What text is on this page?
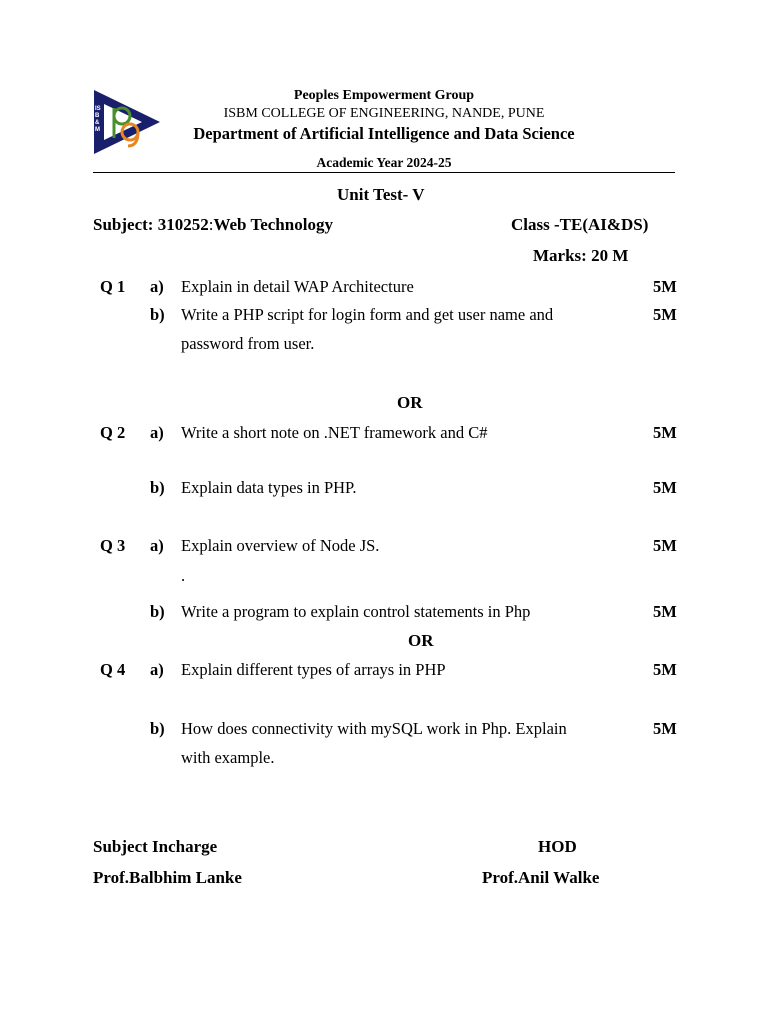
ISB&M
Peoples Empowerment Group
ISBM COLLEGE OF ENGINEERING, NANDE, PUNE
Department of Artificial Intelligence and Data Science
Academic Year 2024-25
Unit Test- V
Subject: 310252:Web Technology	Class -TE(AI&DS)
Marks: 20 M
Q 1 a) Explain in detail WAP Architecture	5M
b) Write a PHP script for login form and get user name and
password from user.
5M
OR
Q 2 a) Write a short note on .NET framework and C#	5M
b) Explain data types in PHP.	5M
Q 3 a) Explain overview of Node JS.	5M
.
b) Write a program to explain control statements in Php	5M
OR
Q 4 a) Explain different types of arrays in PHP	5M
b) How does connectivity with mySQL work in Php. Explain
with example.
5M
Subject Incharge
Prof.Balbhim Lanke
HOD
Prof.Anil Walke
